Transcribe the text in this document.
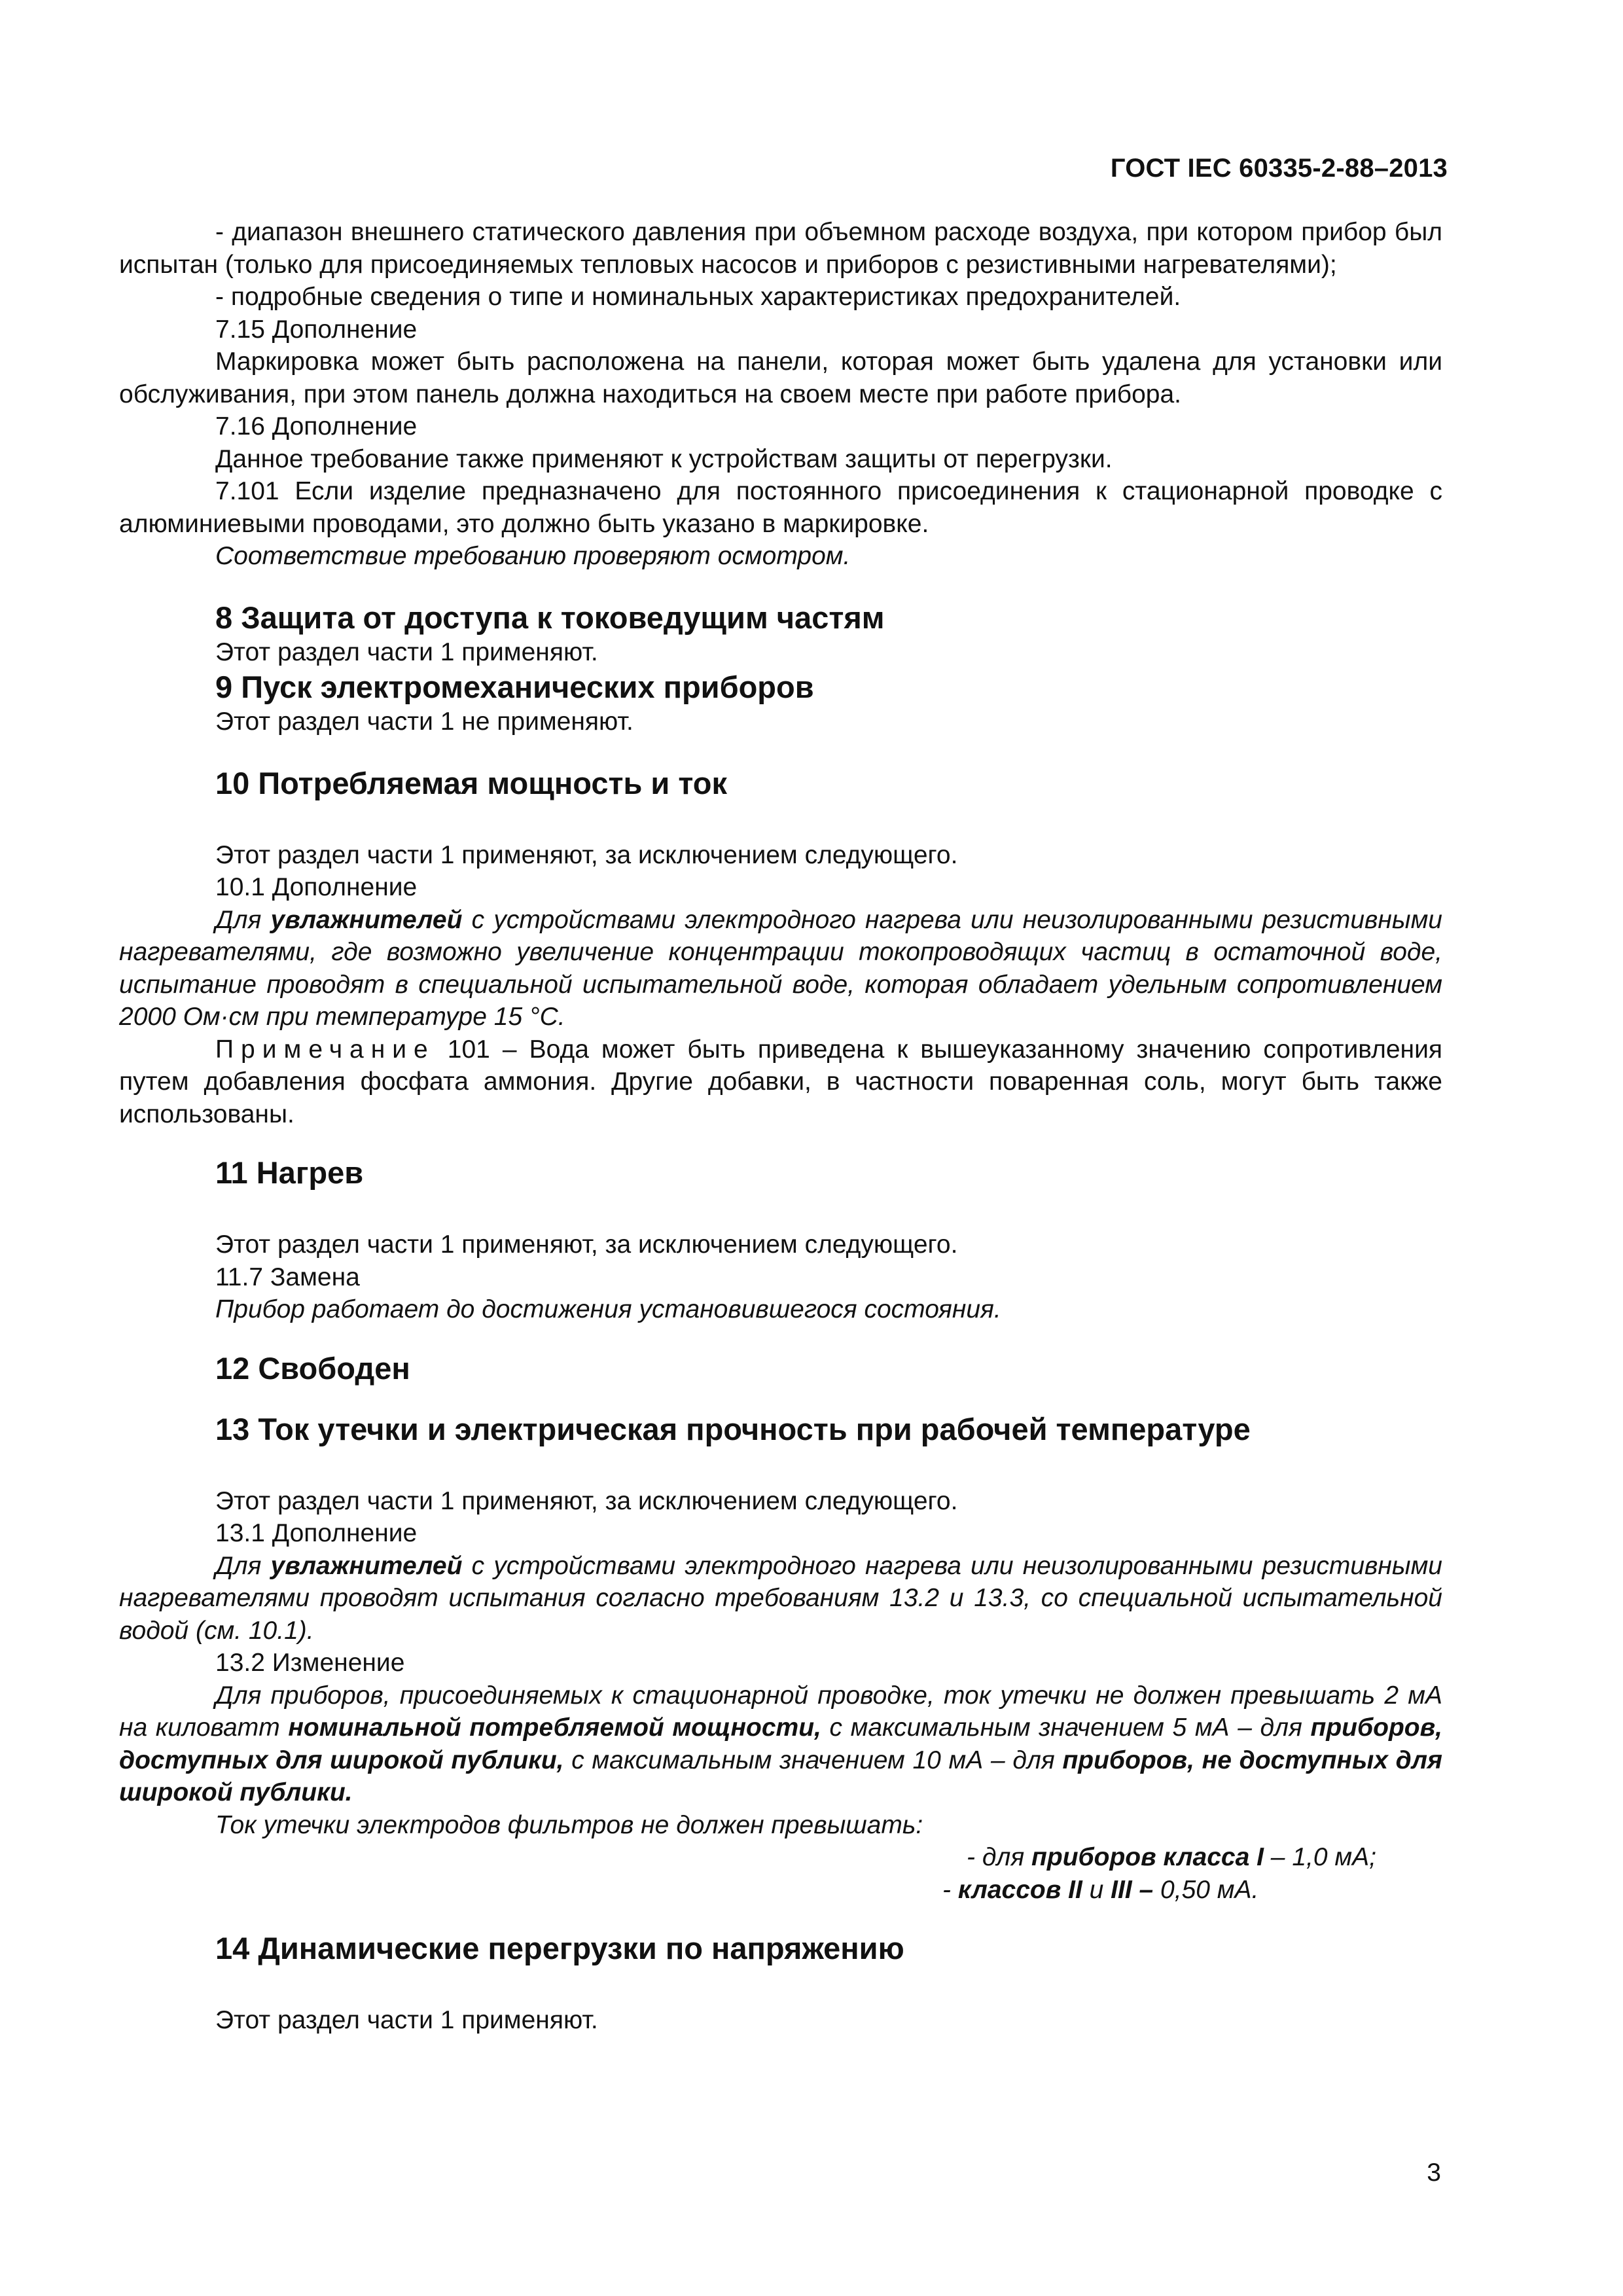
ГОСТ IEC 60335-2-88–2013

- диапазон внешнего статического давления при объемном расходе воздуха, при котором прибор был испытан (только для присоединяемых тепловых насосов и приборов с резистивными нагревателями);

- подробные сведения о типе и номинальных характеристиках предохранителей.

7.15 Дополнение

Маркировка может быть расположена на панели, которая может быть удалена для установки или обслуживания, при этом панель должна находиться на своем месте при работе прибора.

7.16 Дополнение

Данное требование также применяют к устройствам защиты от перегрузки.

7.101 Если изделие предназначено для постоянного присоединения к стационарной проводке с алюминиевыми проводами, это должно быть указано в маркировке.

Соответствие требованию проверяют осмотром.

8 Защита от доступа к токоведущим частям

Этот раздел части 1 применяют.

9 Пуск электромеханических приборов

Этот раздел части 1 не применяют.

10 Потребляемая мощность и ток

Этот раздел части 1 применяют, за исключением следующего.

10.1 Дополнение

Для увлажнителей с устройствами электродного нагрева или неизолированными резистивными нагревателями, где возможно увеличение концентрации токопроводящих частиц в остаточной воде, испытание проводят в специальной испытательной воде, которая обладает удельным сопротивлением 2000 Ом·см при температуре 15 °С.

Примечание 101 – Вода может быть приведена к вышеуказанному значению сопротивления путем добавления фосфата аммония. Другие добавки, в частности поваренная соль, могут быть также использованы.

11 Нагрев

Этот раздел части 1 применяют, за исключением следующего.

11.7 Замена

Прибор работает до достижения установившегося состояния.

12 Свободен
13 Ток утечки и электрическая прочность при рабочей температуре

Этот раздел части 1 применяют, за исключением следующего.

13.1 Дополнение

Для увлажнителей с устройствами электродного нагрева или неизолированными резистивными нагревателями проводят испытания согласно требованиям 13.2 и 13.3, со специальной испытательной водой (см. 10.1).

13.2 Изменение

Для приборов, присоединяемых к стационарной проводке, ток утечки не должен превышать 2 мА на киловатт номинальной потребляемой мощности, с максимальным значением 5 мА – для приборов, доступных для широкой публики, с максимальным значением 10 мА – для приборов, не доступных для широкой публики.

Ток утечки электродов фильтров не должен превышать:

- для приборов класса I – 1,0 мА;

- классов II и III – 0,50 мА.

14 Динамические перегрузки по напряжению

Этот раздел части 1 применяют.

3
